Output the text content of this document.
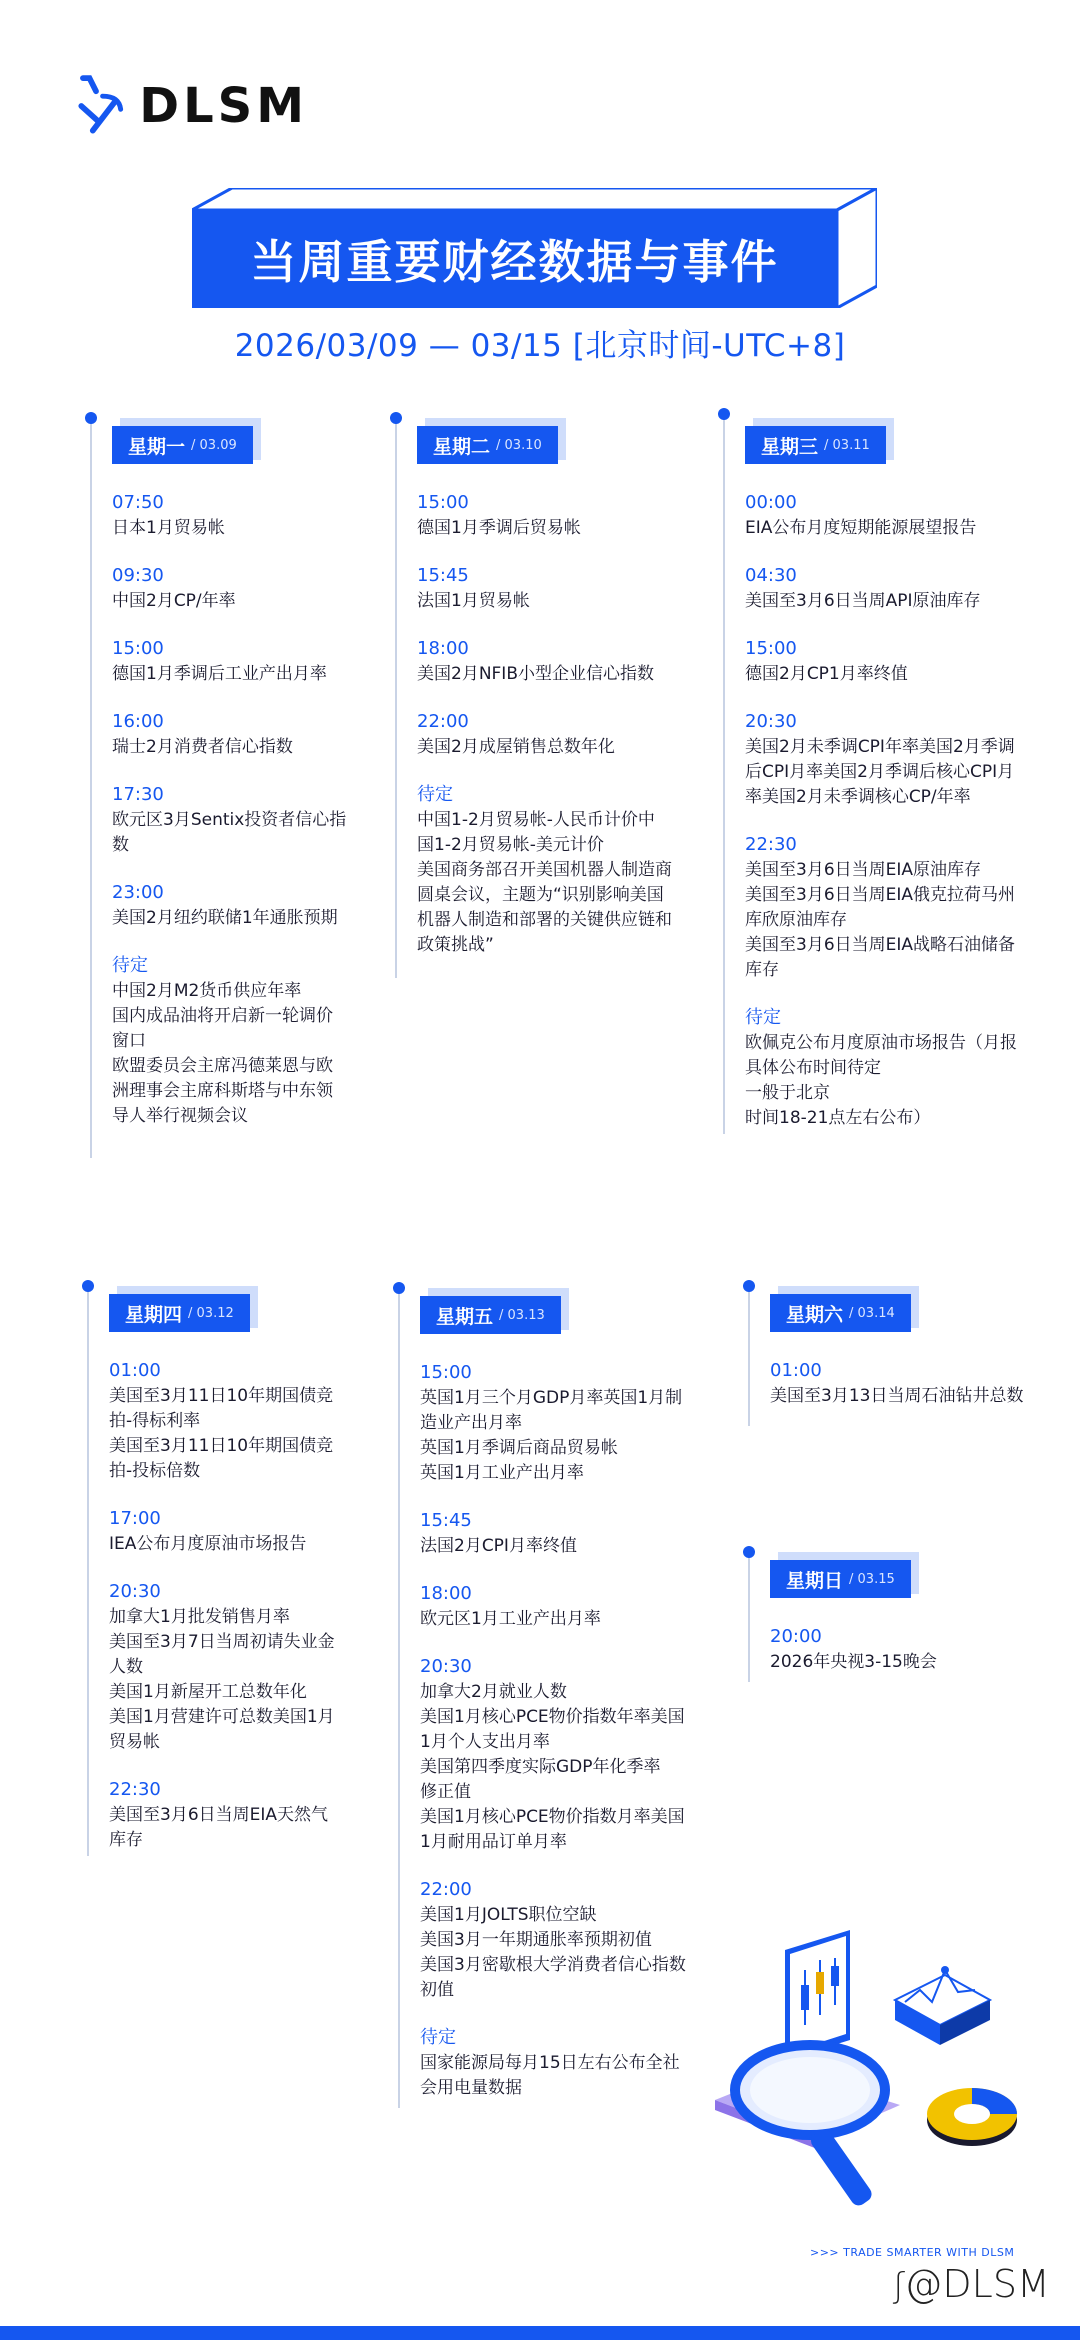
DLSM
当周重要财经数据与事件
2026/03/09 — 03/15 [北京时间-UTC+8]
星期一 / 03.09
07:50
日本1月贸易帐
09:30
中国2月CP/年率
15:00
德国1月季调后工业产出月率
16:00
瑞士2月消费者信心指数
17:30
欧元区3月Sentix投资者信心指
数
23:00
美国2月纽约联储1年通胀预期
待定
中国2月M2货币供应年率
国内成品油将开启新一轮调价
窗口
欧盟委员会主席冯德莱恩与欧
洲理事会主席科斯塔与中东领
导人举行视频会议
星期二 / 03.10
15:00
德国1月季调后贸易帐
15:45
法国1月贸易帐
18:00
美国2月NFIB小型企业信心指数
22:00
美国2月成屋销售总数年化
待定
中国1-2月贸易帐-人民币计价中
国1-2月贸易帐-美元计价
美国商务部召开美国机器人制造商
圆桌会议，主题为“识别影响美国
机器人制造和部署的关键供应链和
政策挑战”
星期三 / 03.11
00:00
EIA公布月度短期能源展望报告
04:30
美国至3月6日当周API原油库存
15:00
德国2月CP1月率终值
20:30
美国2月未季调CPI年率美国2月季调
后CPI月率美国2月季调后核心CPI月
率美国2月未季调核心CP/年率
22:30
美国至3月6日当周EIA原油库存
美国至3月6日当周EIA俄克拉荷马州
库欣原油库存
美国至3月6日当周EIA战略石油储备
库存
待定
欧佩克公布月度原油市场报告（月报
具体公布时间待定
一般于北京
时间18-21点左右公布）
星期四 / 03.12
01:00
美国至3月11日10年期国债竞
拍-得标利率
美国至3月11日10年期国债竞
拍-投标倍数
17:00
IEA公布月度原油市场报告
20:30
加拿大1月批发销售月率
美国至3月7日当周初请失业金
人数
美国1月新屋开工总数年化
美国1月营建许可总数美国1月
贸易帐
22:30
美国至3月6日当周EIA天然气
库存
星期五 / 03.13
15:00
英国1月三个月GDP月率英国1月制
造业产出月率
英国1月季调后商品贸易帐
英国1月工业产出月率
15:45
法国2月CPI月率终值
18:00
欧元区1月工业产出月率
20:30
加拿大2月就业人数
美国1月核心PCE物价指数年率美国
1月个人支出月率
美国第四季度实际GDP年化季率
修正值
美国1月核心PCE物价指数月率美国
1月耐用品订单月率
22:00
美国1月JOLTS职位空缺
美国3月一年期通胀率预期初值
美国3月密歇根大学消费者信心指数
初值
待定
国家能源局每月15日左右公布全社
会用电量数据
星期六 / 03.14
01:00
美国至3月13日当周石油钻井总数
星期日 / 03.15
20:00
2026年央视3-15晚会
>>> TRADE SMARTER WITH DLSM
ʃ@DLSM
